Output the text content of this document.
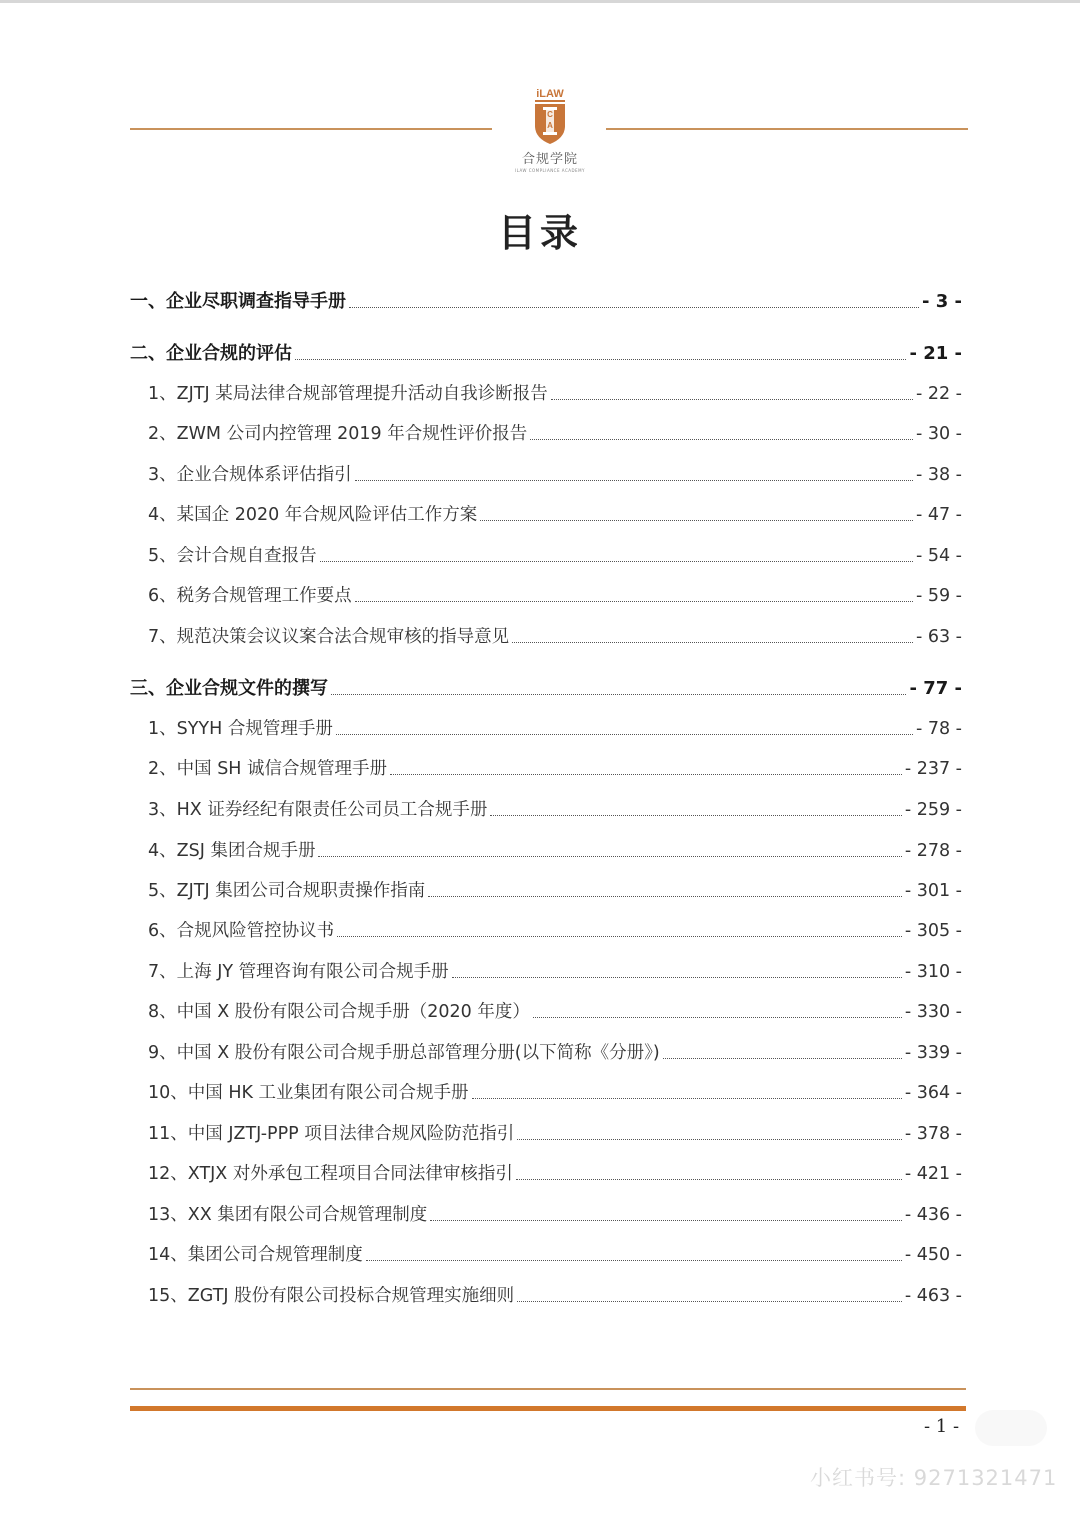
iLAW
C
A
合规学院
ILAW COMPLIANCE ACADEMY
目录
一、企业尽职调查指导手册	- 3 -
二、企业合规的评估	- 21 -
1、ZJTJ 某局法律合规部管理提升活动自我诊断报告	- 22 -
2、ZWM 公司内控管理 2019 年合规性评价报告	- 30 -
3、企业合规体系评估指引	- 38 -
4、某国企 2020 年合规风险评估工作方案	- 47 -
5、会计合规自查报告	- 54 -
6、税务合规管理工作要点	- 59 -
7、规范决策会议议案合法合规审核的指导意见	- 63 -
三、企业合规文件的撰写	- 77 -
1、SYYH 合规管理手册	- 78 -
2、中国 SH 诚信合规管理手册	- 237 -
3、HX 证券经纪有限责任公司员工合规手册	- 259 -
4、ZSJ 集团合规手册	- 278 -
5、ZJTJ 集团公司合规职责操作指南	- 301 -
6、合规风险管控协议书	- 305 -
7、上海 JY 管理咨询有限公司合规手册	- 310 -
8、中国 X 股份有限公司合规手册（2020 年度）	- 330 -
9、中国 X 股份有限公司合规手册总部管理分册(以下简称《分册》)	- 339 -
10、中国 HK 工业集团有限公司合规手册	- 364 -
11、中国 JZTJ-PPP 项目法律合规风险防范指引	- 378 -
12、XTJX 对外承包工程项目合同法律审核指引	- 421 -
13、XX 集团有限公司合规管理制度	- 436 -
14、集团公司合规管理制度	- 450 -
15、ZGTJ 股份有限公司投标合规管理实施细则	- 463 -
- 1 -
小红书号: 9271321471
